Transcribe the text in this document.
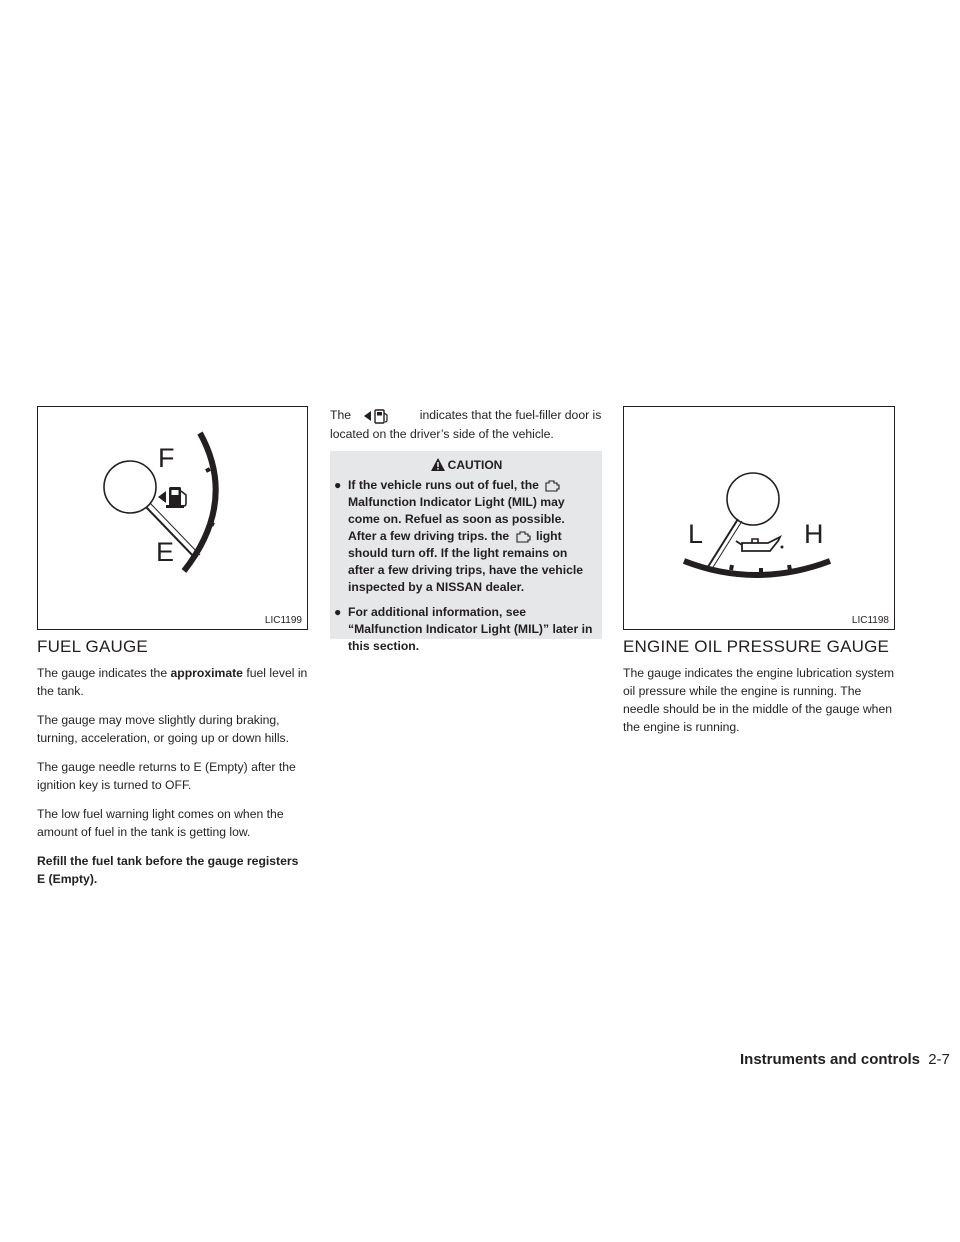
F
E
LIC1199
FUEL GAUGE

The gauge indicates the approximate fuel level in the tank.

The gauge may move slightly during braking, turning, acceleration, or going up or down hills.

The gauge needle returns to E (Empty) after the ignition key is turned to OFF.

The low fuel warning light comes on when the amount of fuel in the tank is getting low.

Refill the fuel tank before the gauge registers E (Empty).

The	indicates that the fuel-filler door is located on the driver’s side of the vehicle.

CAUTION
● If the vehicle runs out of fuel, the  Malfunction Indicator Light (MIL) may come on. Refuel as soon as possible. After a few driving trips. the light should turn off. If the light remains on after a few driving trips, have the vehicle inspected by a NISSAN dealer.
● For additional information, see “Malfunction Indicator Light (MIL)” later in this section.
L	H
LIC1198
ENGINE OIL PRESSURE GAUGE

The gauge indicates the engine lubrication system oil pressure while the engine is running. The needle should be in the middle of the gauge when the engine is running.

Instruments and controls 2-7
